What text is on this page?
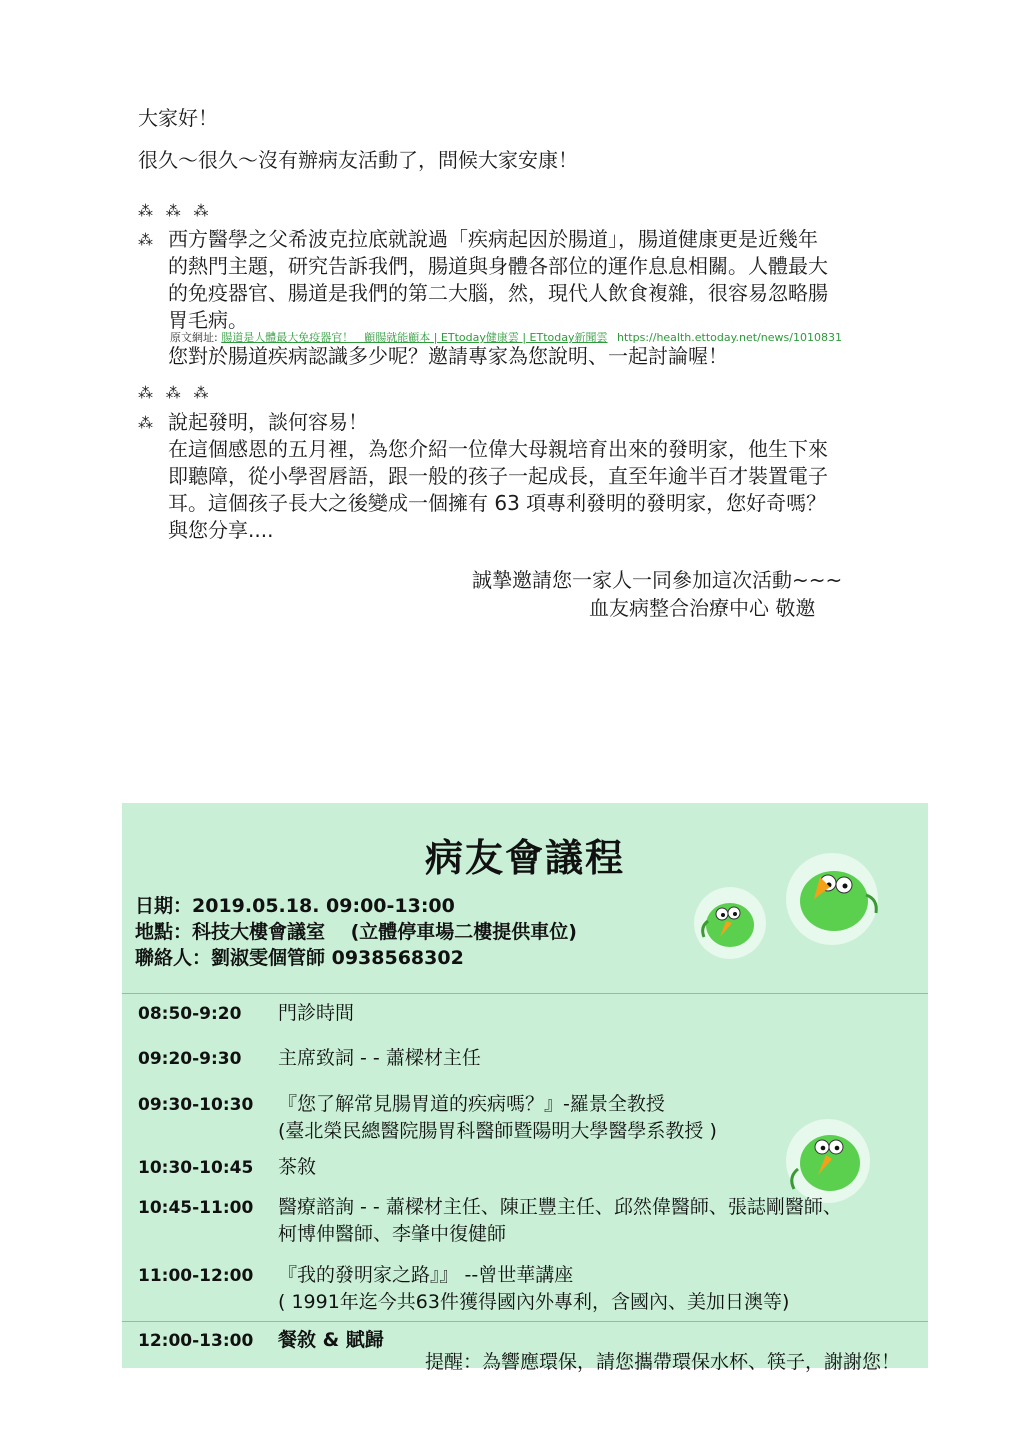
大家好！
很久～很久～沒有辦病友活動了，問候大家安康！
⁂ ⁂ ⁂
⁂ 西方醫學之父希波克拉底就說過「疾病起因於腸道」，腸道健康更是近幾年
的熱門主題，研究告訴我們，腸道與身體各部位的運作息息相關。人體最大
的免疫器官、腸道是我們的第二大腦，然，現代人飲食複雜，很容易忽略腸
胃毛病。
原文網址: 腸道是人體最大免疫器官！　顧腸就能顧本 | ETtoday健康雲 | ETtoday新聞雲 https://health.ettoday.net/news/1010831
您對於腸道疾病認識多少呢？邀請專家為您說明、一起討論喔！
⁂ ⁂ ⁂
⁂ 說起發明，談何容易！
在這個感恩的五月裡，為您介紹一位偉大母親培育出來的發明家，他生下來
即聽障，從小學習唇語，跟一般的孩子一起成長，直至年逾半百才裝置電子
耳。這個孩子長大之後變成一個擁有 63 項專利發明的發明家，您好奇嗎？
與您分享....
誠摯邀請您一家人一同參加這次活動~~~
血友病整合治療中心 敬邀
病友會議程
日期：2019.05.18. 09:00-13:00
地點：科技大樓會議室　 (立體停車場二樓提供車位)
聯絡人：劉淑雯個管師 0938568302
08:50-9:20	門診時間
09:20-9:30	主席致詞 - - 蕭樑材主任
09:30-10:30	『您了解常見腸胃道的疾病嗎？』-羅景全教授
(臺北榮民總醫院腸胃科醫師暨陽明大學醫學系教授 )
10:30-10:45	茶敘
10:45-11:00	醫療諮詢 - - 蕭樑材主任、陳正豐主任、邱然偉醫師、張誌剛醫師、
柯博伸醫師、李肇中復健師
11:00-12:00	『我的發明家之路』』 --曾世華講座
( 1991年迄今共63件獲得國內外專利，含國內、美加日澳等)
12:00-13:00	餐敘 & 賦歸
提醒：為響應環保，請您攜帶環保水杯、筷子，謝謝您！
